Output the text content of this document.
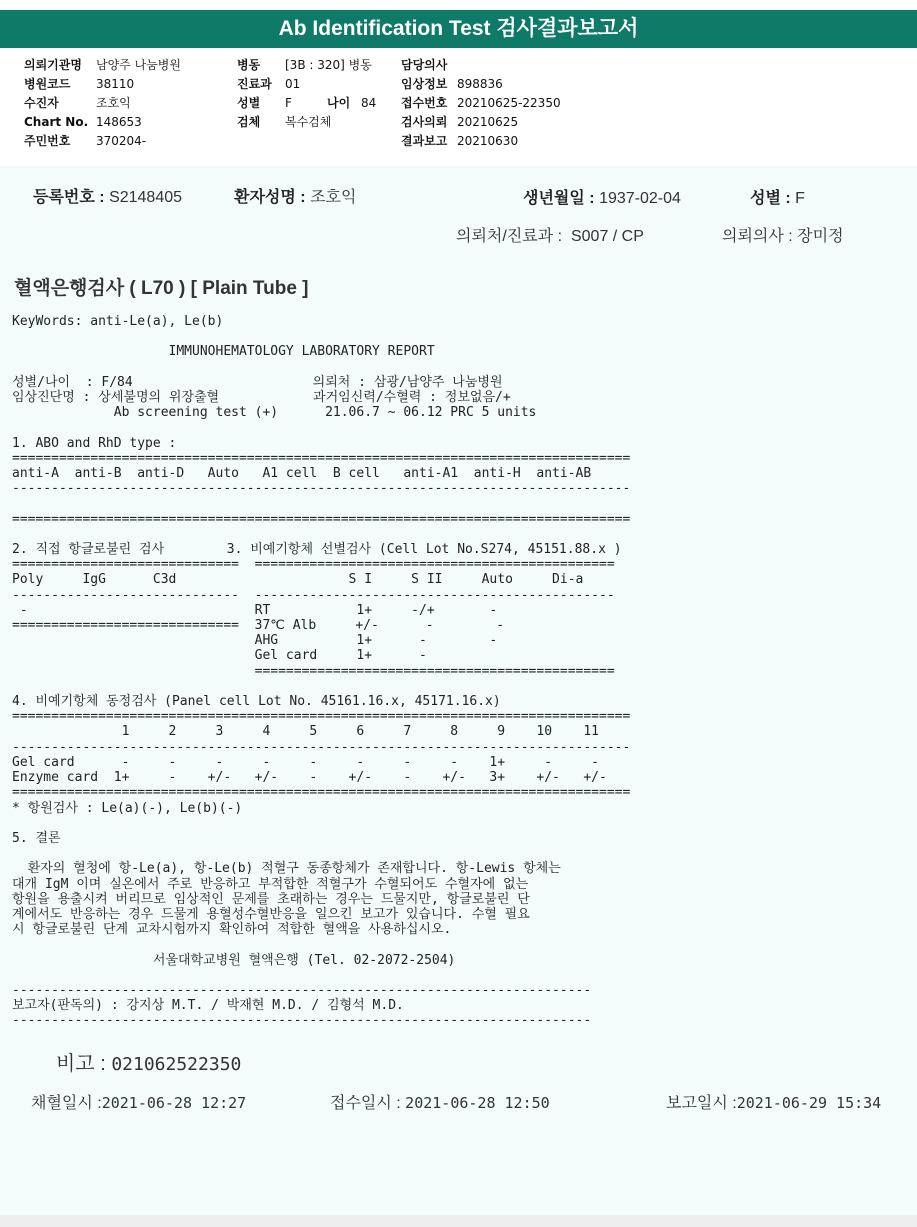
Ab Identification Test 검사결과보고서
의뢰기관명 남양주 나눔병원
병원코드 38110
수진자	조호익
Chart No. 148653
주민번호 370204-
병동 [3B : 320] 병동
진료과 01
성별 F	나이 84
검체 복수검체
담당의사
임상정보 898836
접수번호 20210625-22350
검사의뢰 20210625
결과보고 20210630
등록번호 : S2148405	환자성명 : 조호익	생년월일 : 1937-02-04	성별 : F
의뢰처/진료과 : S007 / CP	의뢰의사 : 장미정
혈액은행검사 ( L70 ) [ Plain Tube ]
KeyWords: anti-Le(a), Le(b)

IMMUNOHEMATOLOGY LABORATORY REPORT

성별/나이  : F/84                       의뢰처 : 삼광/남양주 나눔병원
임상진단명 : 상세불명의 위장출혈            과거임신력/수혈력 : 정보없음/+
Ab screening test (+)      21.06.7 ~ 06.12 PRC 5 units

1. ABO and RhD type :
===============================================================================
anti-A  anti-B  anti-D   Auto   A1 cell  B cell   anti-A1  anti-H  anti-AB
-------------------------------------------------------------------------------

===============================================================================

2. 직접 항글로불린 검사        3. 비예기항체 선별검사 (Cell Lot No.S274, 45151.88.x )
=============================  ==============================================
Poly     IgG      C3d                      S I     S II     Auto     Di-a
-----------------------------  ----------------------------------------------
-                             RT           1+     -/+       -
=============================  37℃ Alb     +/-      -        -
AHG          1+      -        -
Gel card     1+      -
==============================================

4. 비예기항체 동정검사 (Panel cell Lot No. 45161.16.x, 45171.16.x)
===============================================================================
1     2     3     4     5     6     7     8     9    10    11
-------------------------------------------------------------------------------
Gel card      -     -     -     -     -     -     -     -    1+     -     -
Enzyme card  1+     -    +/-   +/-    -    +/-    -    +/-   3+    +/-   +/-
===============================================================================
* 항원검사 : Le(a)(-), Le(b)(-)

5. 결론

환자의 혈청에 항-Le(a), 항-Le(b) 적혈구 동종항체가 존재합니다. 항-Lewis 항체는
대개 IgM 이며 실온에서 주로 반응하고 부적합한 적혈구가 수혈되어도 수혈자에 없는
항원을 용출시켜 버리므로 임상적인 문제를 초래하는 경우는 드물지만, 항글로불린 단
계에서도 반응하는 경우 드물게 용혈성수혈반응을 일으킨 보고가 있습니다. 수혈 필요
시 항글로불린 단계 교차시험까지 확인하여 적합한 혈액을 사용하십시오.

서울대학교병원 혈액은행 (Tel. 02-2072-2504)

--------------------------------------------------------------------------
보고자(판독의) : 강지상 M.T. / 박재현 M.D. / 김형석 M.D.
--------------------------------------------------------------------------
비고 : 021062522350
채혈일시 :2021-06-28 12:27	접수일시 : 2021-06-28 12:50	보고일시 :2021-06-29 15:34
